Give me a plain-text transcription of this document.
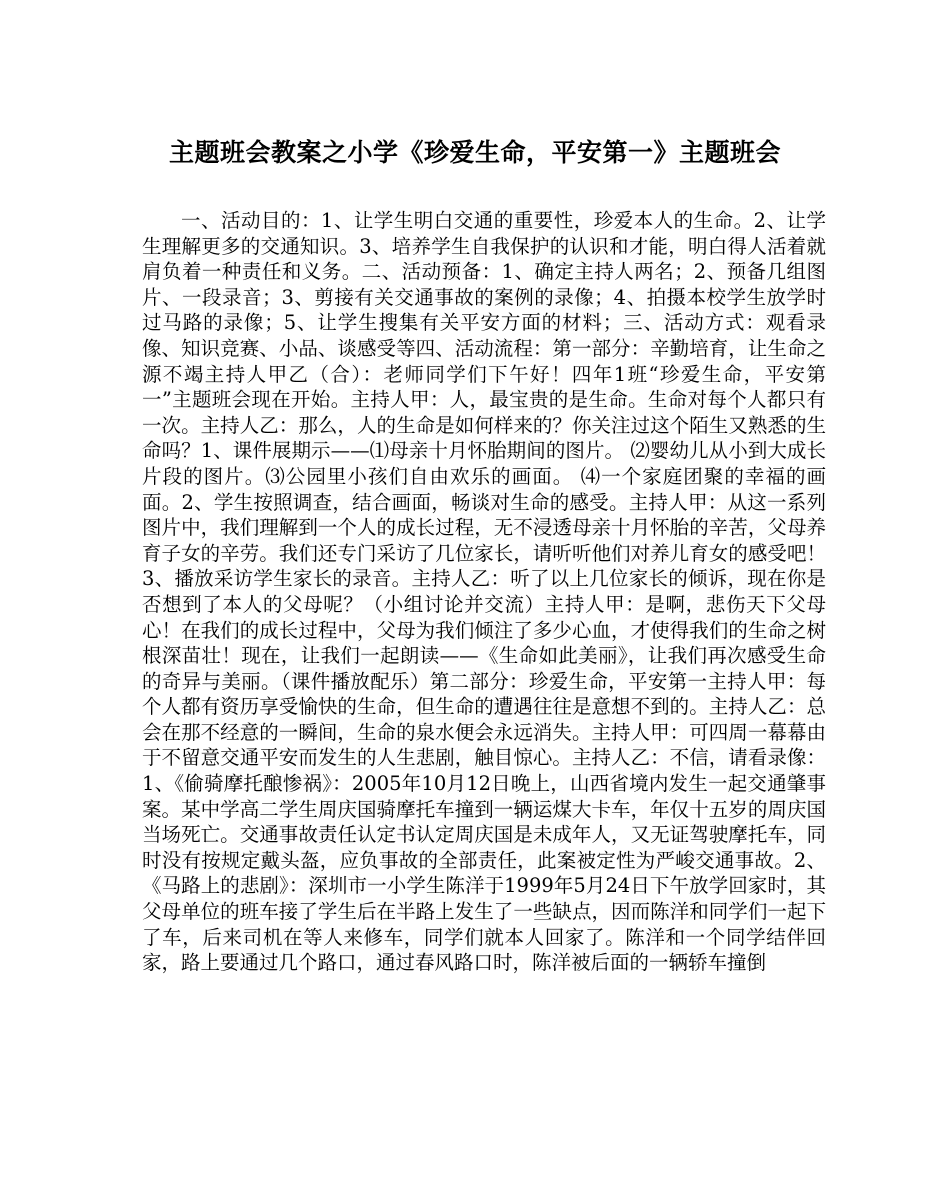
主题班会教案之小学《珍爱生命，平安第一》主题班会

一、活动目的：1、让学生明白交通的重要性，珍爱本人的生命。2、让学生理解更多的交通知识。3、培养学生自我保护的认识和才能，明白得人活着就肩负着一种责任和义务。二、活动预备：1、确定主持人两名；2、预备几组图片、一段录音；3、剪接有关交通事故的案例的录像；4、拍摄本校学生放学时过马路的录像；5、让学生搜集有关平安方面的材料；三、活动方式：观看录像、知识竞赛、小品、谈感受等四、活动流程：第一部分：辛勤培育，让生命之源不竭主持人甲乙（合）：老师同学们下午好！四年1班“珍爱生命，平安第一”主题班会现在开始。主持人甲：人，最宝贵的是生命。生命对每个人都只有一次。主持人乙：那么，人的生命是如何样来的？你关注过这个陌生又熟悉的生命吗？1、课件展期示——⑴母亲十月怀胎期间的图片。 ⑵婴幼儿从小到大成长片段的图片。⑶公园里小孩们自由欢乐的画面。 ⑷一个家庭团聚的幸福的画面。2、学生按照调查，结合画面，畅谈对生命的感受。主持人甲：从这一系列图片中，我们理解到一个人的成长过程，无不浸透母亲十月怀胎的辛苦，父母养育子女的辛劳。我们还专门采访了几位家长，请听听他们对养儿育女的感受吧！3、播放采访学生家长的录音。主持人乙：听了以上几位家长的倾诉，现在你是否想到了本人的父母呢？（小组讨论并交流）主持人甲：是啊，悲伤天下父母心！在我们的成长过程中，父母为我们倾注了多少心血，才使得我们的生命之树根深苗壮！现在，让我们一起朗读——《生命如此美丽》，让我们再次感受生命的奇异与美丽。（课件播放配乐）第二部分：珍爱生命，平安第一主持人甲：每个人都有资历享受愉快的生命，但生命的遭遇往往是意想不到的。主持人乙：总会在那不经意的一瞬间，生命的泉水便会永远消失。主持人甲：可四周一幕幕由于不留意交通平安而发生的人生悲剧，触目惊心。主持人乙：不信，请看录像： 1、《偷骑摩托酿惨祸》：2005年10月12日晚上，山西省境内发生一起交通肇事案。某中学高二学生周庆国骑摩托车撞到一辆运煤大卡车，年仅十五岁的周庆国当场死亡。交通事故责任认定书认定周庆国是未成年人，又无证驾驶摩托车，同时没有按规定戴头盔，应负事故的全部责任，此案被定性为严峻交通事故。2、《马路上的悲剧》：深圳市一小学生陈洋于1999年5月24日下午放学回家时，其父母单位的班车接了学生后在半路上发生了一些缺点，因而陈洋和同学们一起下了车，后来司机在等人来修车，同学们就本人回家了。陈洋和一个同学结伴回家，路上要通过几个路口，通过春风路口时，陈洋被后面的一辆轿车撞倒
